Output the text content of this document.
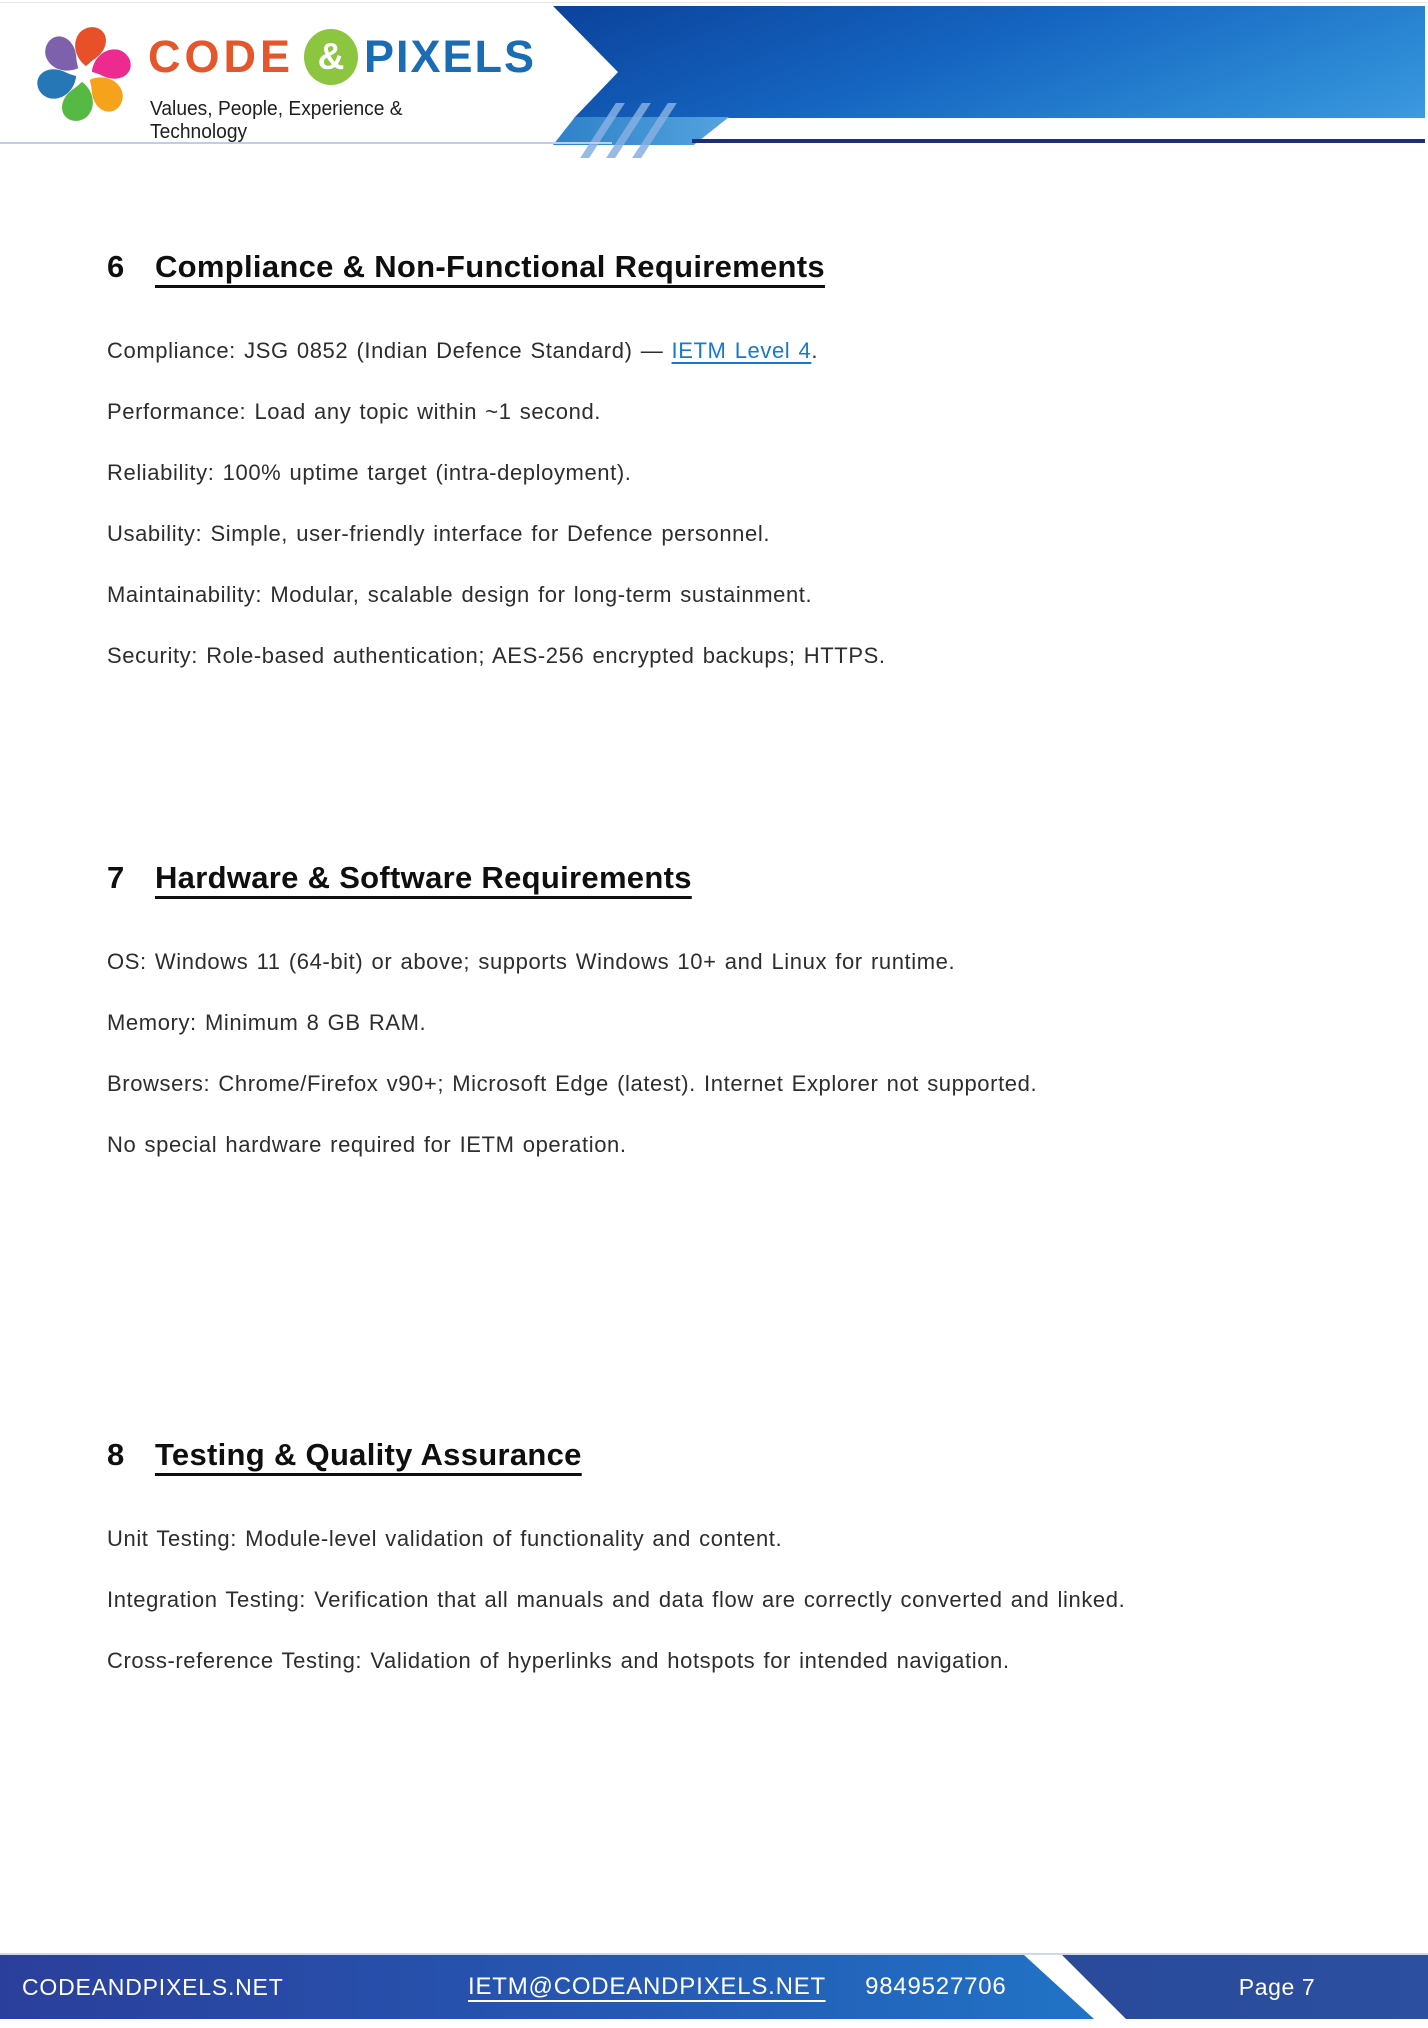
CODE & PIXELS
Values, People, Experience & Technology
6 Compliance & Non-Functional Requirements

Compliance: JSG 0852 (Indian Defence Standard) — IETM Level 4.

Performance: Load any topic within ~1 second.

Reliability: 100% uptime target (intra-deployment).

Usability: Simple, user-friendly interface for Defence personnel.

Maintainability: Modular, scalable design for long-term sustainment.

Security: Role-based authentication; AES-256 encrypted backups; HTTPS.

7 Hardware & Software Requirements

OS: Windows 11 (64-bit) or above; supports Windows 10+ and Linux for runtime.

Memory: Minimum 8 GB RAM.

Browsers: Chrome/Firefox v90+; Microsoft Edge (latest). Internet Explorer not supported.

No special hardware required for IETM operation.

8 Testing & Quality Assurance

Unit Testing: Module-level validation of functionality and content.

Integration Testing: Verification that all manuals and data flow are correctly converted and linked.

Cross-reference Testing: Validation of hyperlinks and hotspots for intended navigation.

CODEANDPIXELS.NET	IETM@CODEANDPIXELS.NET 9849527706	Page 7
